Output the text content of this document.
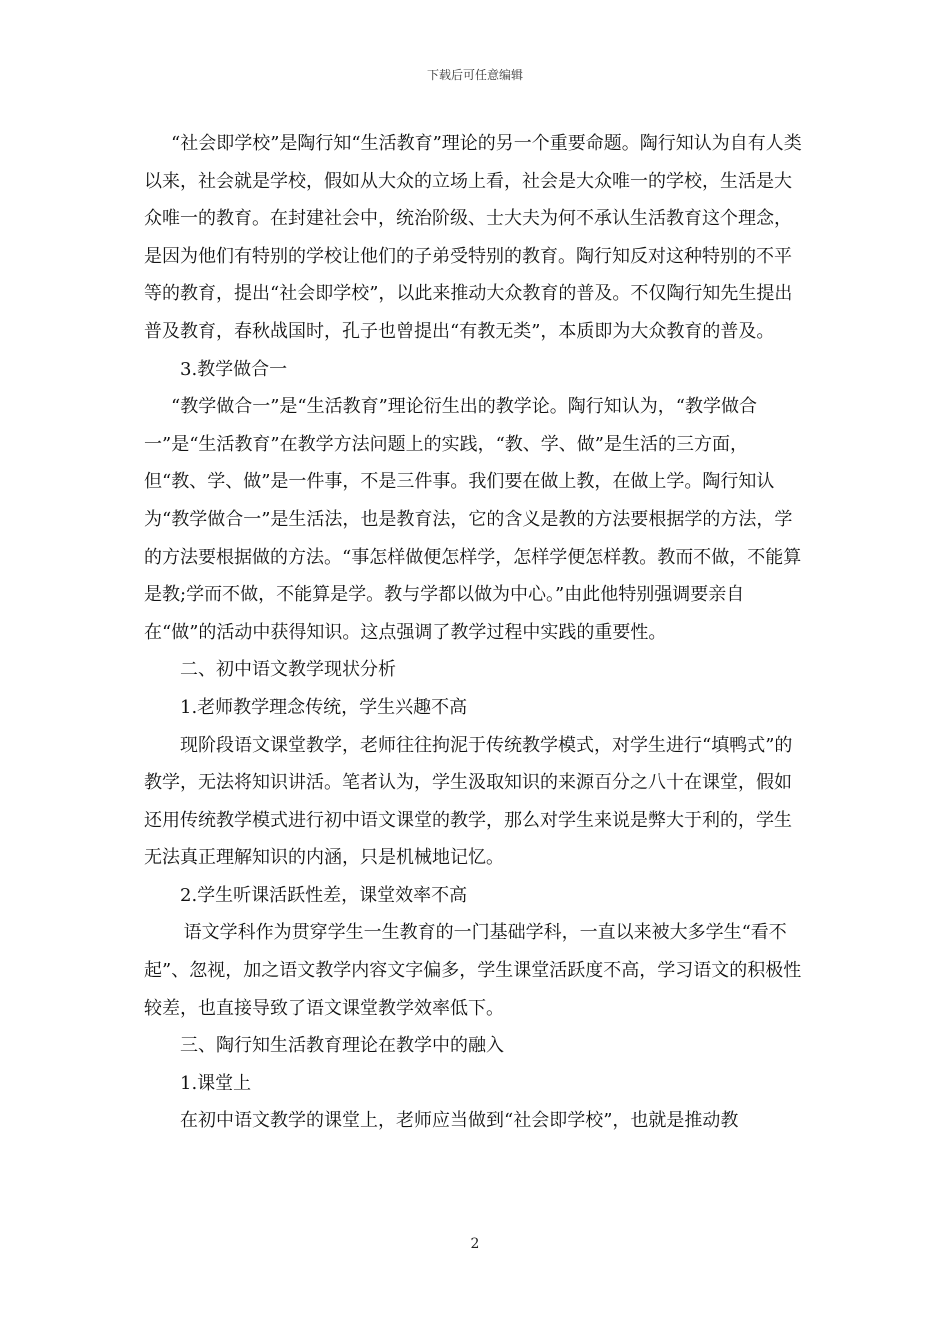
下载后可任意编辑

“社会即学校”是陶行知“生活教育”理论的另一个重要命题。陶行知认为自有人类以来，社会就是学校，假如从大众的立场上看，社会是大众唯一的学校，生活是大众唯一的教育。在封建社会中，统治阶级、士大夫为何不承认生活教育这个理念，是因为他们有特别的学校让他们的子弟受特别的教育。陶行知反对这种特别的不平等的教育，提出“社会即学校”，以此来推动大众教育的普及。不仅陶行知先生提出普及教育，春秋战国时，孔子也曾提出“有教无类”，本质即为大众教育的普及。

3.教学做合一

“教学做合一”是“生活教育”理论衍生出的教学论。陶行知认为，“教学做合一”是“生活教育”在教学方法问题上的实践，“教、学、做”是生活的三方面，但“教、学、做”是一件事，不是三件事。我们要在做上教，在做上学。陶行知认为“教学做合一”是生活法，也是教育法，它的含义是教的方法要根据学的方法，学的方法要根据做的方法。“事怎样做便怎样学，怎样学便怎样教。教而不做，不能算是教;学而不做，不能算是学。教与学都以做为中心。”由此他特别强调要亲自在“做”的活动中获得知识。这点强调了教学过程中实践的重要性。

二、初中语文教学现状分析

1.老师教学理念传统，学生兴趣不高

现阶段语文课堂教学，老师往往拘泥于传统教学模式，对学生进行“填鸭式”的教学，无法将知识讲活。笔者认为，学生汲取知识的来源百分之八十在课堂，假如还用传统教学模式进行初中语文课堂的教学，那么对学生来说是弊大于利的，学生无法真正理解知识的内涵，只是机械地记忆。

2.学生听课活跃性差，课堂效率不高

语文学科作为贯穿学生一生教育的一门基础学科，一直以来被大多学生“看不起”、忽视，加之语文教学内容文字偏多，学生课堂活跃度不高，学习语文的积极性较差，也直接导致了语文课堂教学效率低下。

三、陶行知生活教育理论在教学中的融入

1.课堂上

在初中语文教学的课堂上，老师应当做到“社会即学校”，也就是推动教

2
